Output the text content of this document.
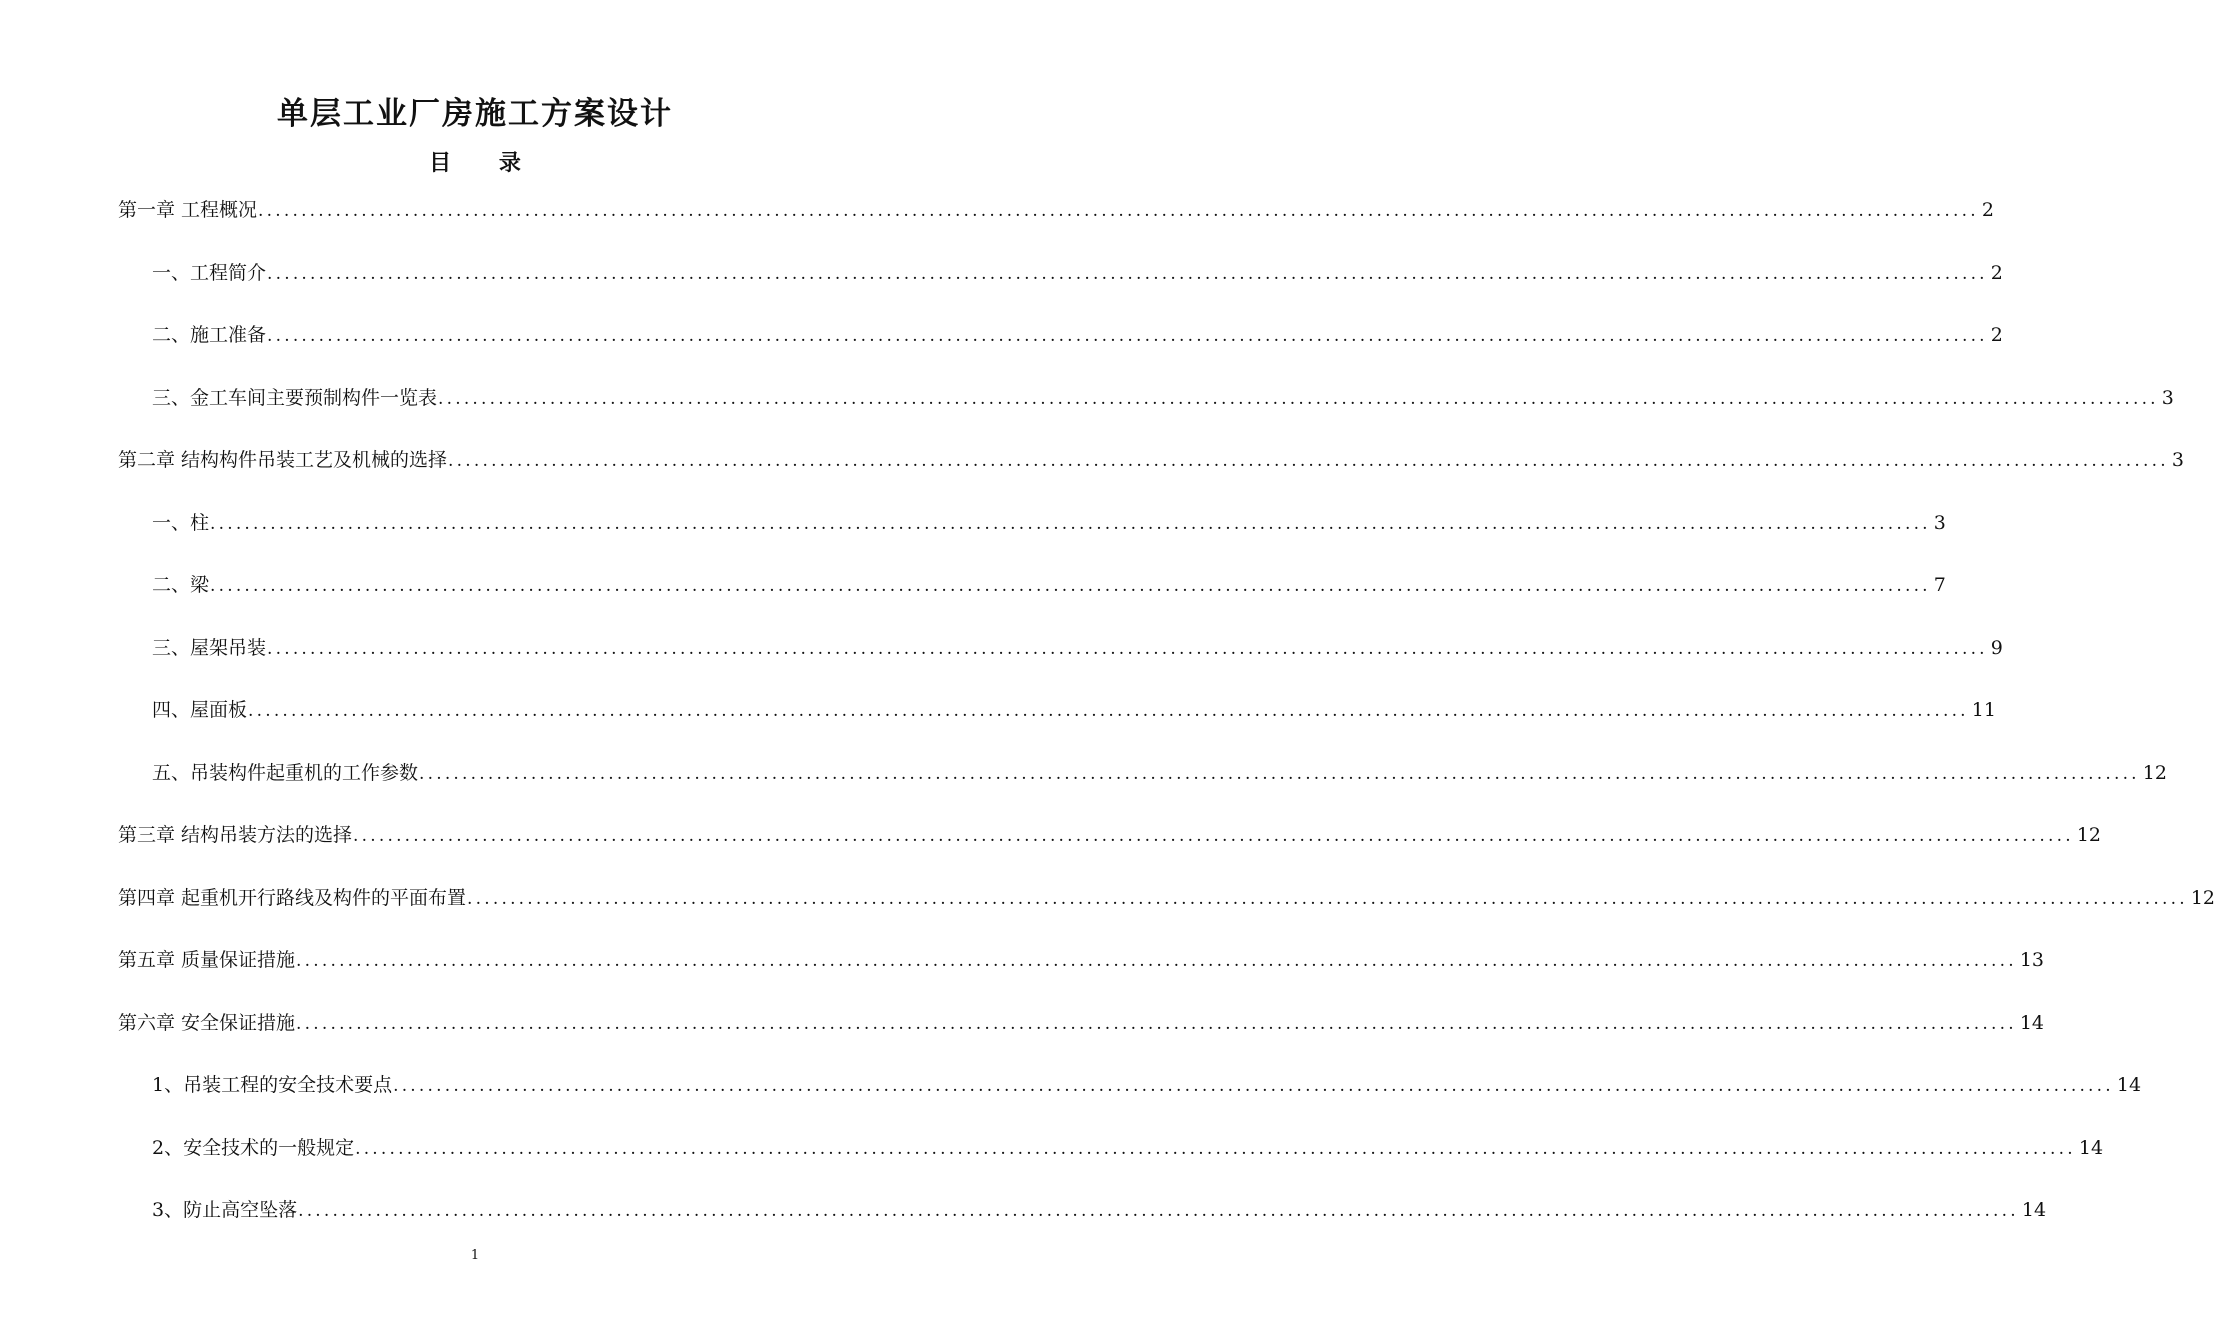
单层工业厂房施工方案设计
目 录
第一章 工程概况 ........................................................................................................................................................................................................ 2
一、工程简介 ........................................................................................................................................................................................................ 2
二、施工准备 ........................................................................................................................................................................................................ 2
三、金工车间主要预制构件一览表 ........................................................................................................................................................................................................ 3
第二章 结构构件吊装工艺及机械的选择 ........................................................................................................................................................................................................ 3
一、柱 ........................................................................................................................................................................................................ 3
二、梁 ........................................................................................................................................................................................................ 7
三、屋架吊装 ........................................................................................................................................................................................................ 9
四、屋面板 ........................................................................................................................................................................................................ 11
五、吊装构件起重机的工作参数 ........................................................................................................................................................................................................ 12
第三章 结构吊装方法的选择 ........................................................................................................................................................................................................ 12
第四章 起重机开行路线及构件的平面布置 ........................................................................................................................................................................................................ 12
第五章 质量保证措施 ........................................................................................................................................................................................................ 13
第六章 安全保证措施 ........................................................................................................................................................................................................ 14
1、吊装工程的安全技术要点 ........................................................................................................................................................................................................ 14
2、安全技术的一般规定 ........................................................................................................................................................................................................ 14
3、防止高空坠落 ........................................................................................................................................................................................................ 14
1
